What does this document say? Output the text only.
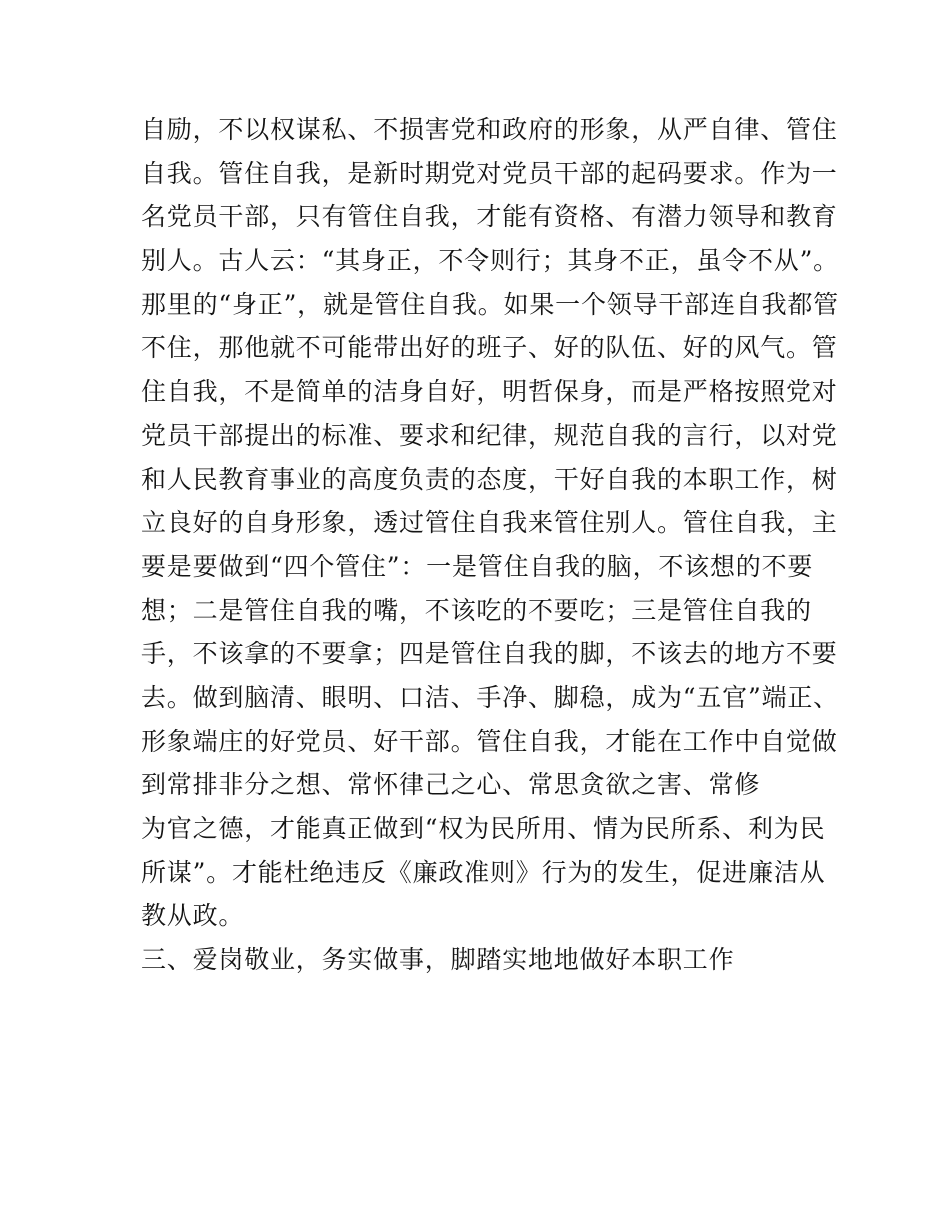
自励，不以权谋私、不损害党和政府的形象，从严自律、管住
自我。管住自我，是新时期党对党员干部的起码要求。作为一
名党员干部，只有管住自我，才能有资格、有潜力领导和教育
别人。古人云：“其身正，不令则行；其身不正，虽令不从”。
那里的“身正”，就是管住自我。如果一个领导干部连自我都管
不住，那他就不可能带出好的班子、好的队伍、好的风气。管
住自我，不是简单的洁身自好，明哲保身，而是严格按照党对
党员干部提出的标准、要求和纪律，规范自我的言行，以对党
和人民教育事业的高度负责的态度，干好自我的本职工作，树
立良好的自身形象，透过管住自我来管住别人。管住自我，主
要是要做到“四个管住”：一是管住自我的脑，不该想的不要
想；二是管住自我的嘴，不该吃的不要吃；三是管住自我的
手，不该拿的不要拿；四是管住自我的脚，不该去的地方不要
去。做到脑清、眼明、口洁、手净、脚稳，成为“五官”端正、
形象端庄的好党员、好干部。管住自我，才能在工作中自觉做
到常排非分之想、常怀律己之心、常思贪欲之害、常修
为官之德，才能真正做到“权为民所用、情为民所系、利为民
所谋”。才能杜绝违反《廉政准则》行为的发生，促进廉洁从
教从政。
三、爱岗敬业，务实做事，脚踏实地地做好本职工作
